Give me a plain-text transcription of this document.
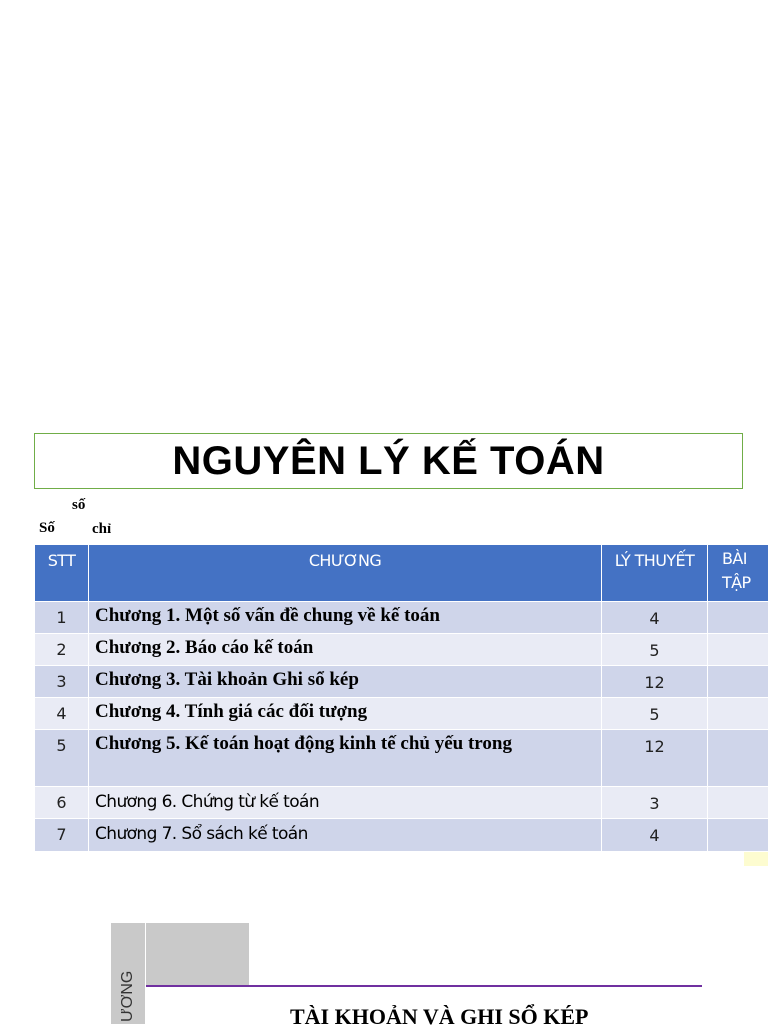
NGUYÊN LÝ KẾ TOÁN
số
Số chỉ
STT	CHƯƠNG	LÝ THUYẾT	BÀI
TẬP
1	Chương 1. Một số vấn đề chung về kế toán	4	
2	Chương 2. Báo cáo kế toán	5	
3	Chương 3. Tài khoản Ghi sổ kép	12	
4	Chương 4. Tính giá các đối tượng	5	
5	Chương 5. Kế toán hoạt động kinh tế chủ yếu trong	12	
6	Chương 6. Chứng từ kế toán	3	
7	Chương 7. Sổ sách kế toán	4	
ƯƠNG	TÀI KHOẢN VÀ GHI SỔ KÉP
